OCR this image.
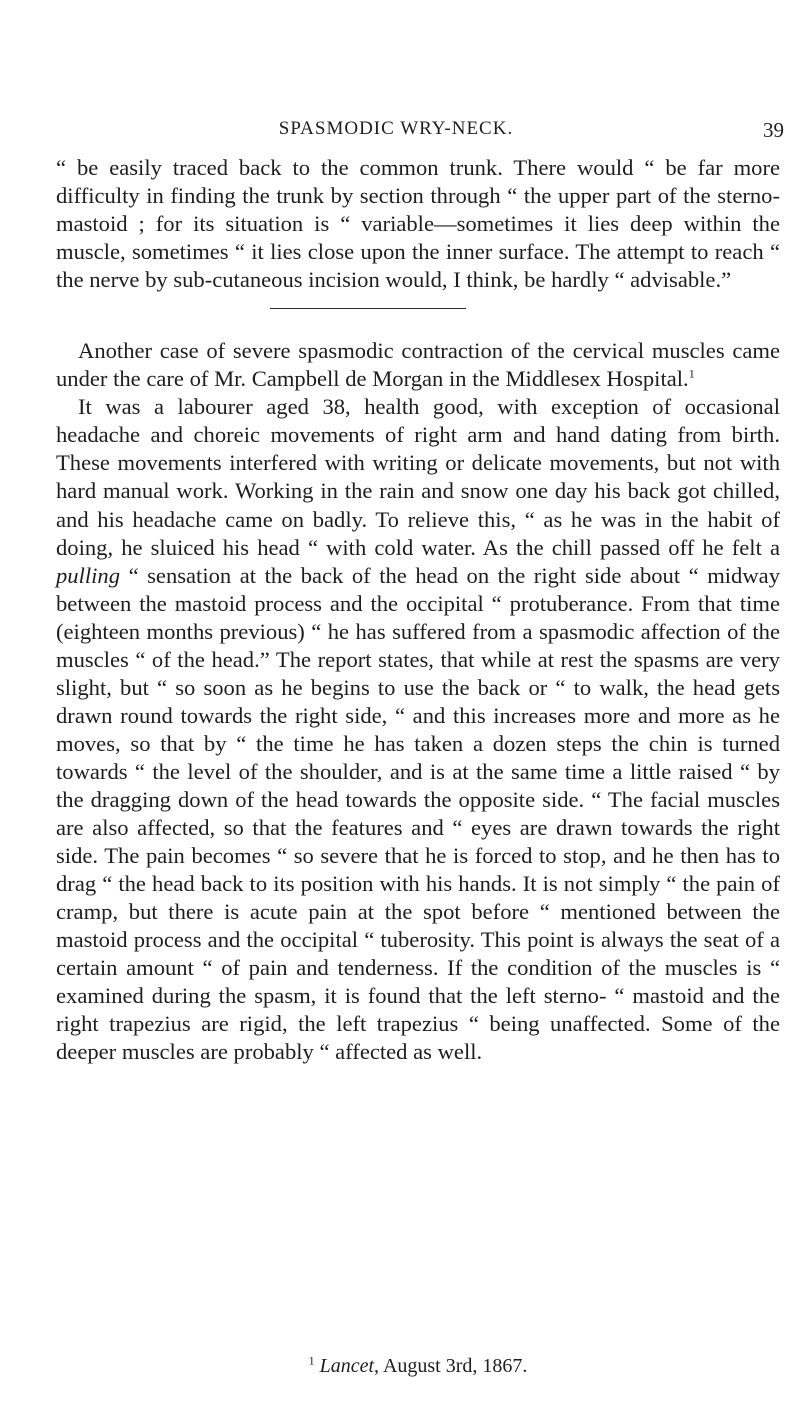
SPASMODIC WRY-NECK.	39

“ be easily traced back to the common trunk. There would “ be far more difficulty in finding the trunk by section through “ the upper part of the sterno-mastoid ; for its situation is “ variable—sometimes it lies deep within the muscle, sometimes “ it lies close upon the inner surface. The attempt to reach “ the nerve by sub-cutaneous incision would, I think, be hardly “ advisable.”

Another case of severe spasmodic contraction of the cervical muscles came under the care of Mr. Campbell de Morgan in the Middlesex Hospital.$^1$

It was a labourer aged 38, health good, with exception of occasional headache and choreic movements of right arm and hand dating from birth. These movements interfered with writing or delicate movements, but not with hard manual work. Working in the rain and snow one day his back got chilled, and his headache came on badly. To relieve this, “ as he was in the habit of doing, he sluiced his head “ with cold water. As the chill passed off he felt a pulling “ sensation at the back of the head on the right side about “ midway between the mastoid process and the occipital “ protuberance. From that time (eighteen months previous) “ he has suffered from a spasmodic affection of the muscles “ of the head.” The report states, that while at rest the spasms are very slight, but “ so soon as he begins to use the back or “ to walk, the head gets drawn round towards the right side, “ and this increases more and more as he moves, so that by “ the time he has taken a dozen steps the chin is turned towards “ the level of the shoulder, and is at the same time a little raised “ by the dragging down of the head towards the opposite side. “ The facial muscles are also affected, so that the features and “ eyes are drawn towards the right side. The pain becomes “ so severe that he is forced to stop, and he then has to drag “ the head back to its position with his hands. It is not simply “ the pain of cramp, but there is acute pain at the spot before “ mentioned between the mastoid process and the occipital “ tuberosity. This point is always the seat of a certain amount “ of pain and tenderness. If the condition of the muscles is “ examined during the spasm, it is found that the left sterno- “ mastoid and the right trapezius are rigid, the left trapezius “ being unaffected. Some of the deeper muscles are probably “ affected as well.

$^1$ Lancet, August 3rd, 1867.
